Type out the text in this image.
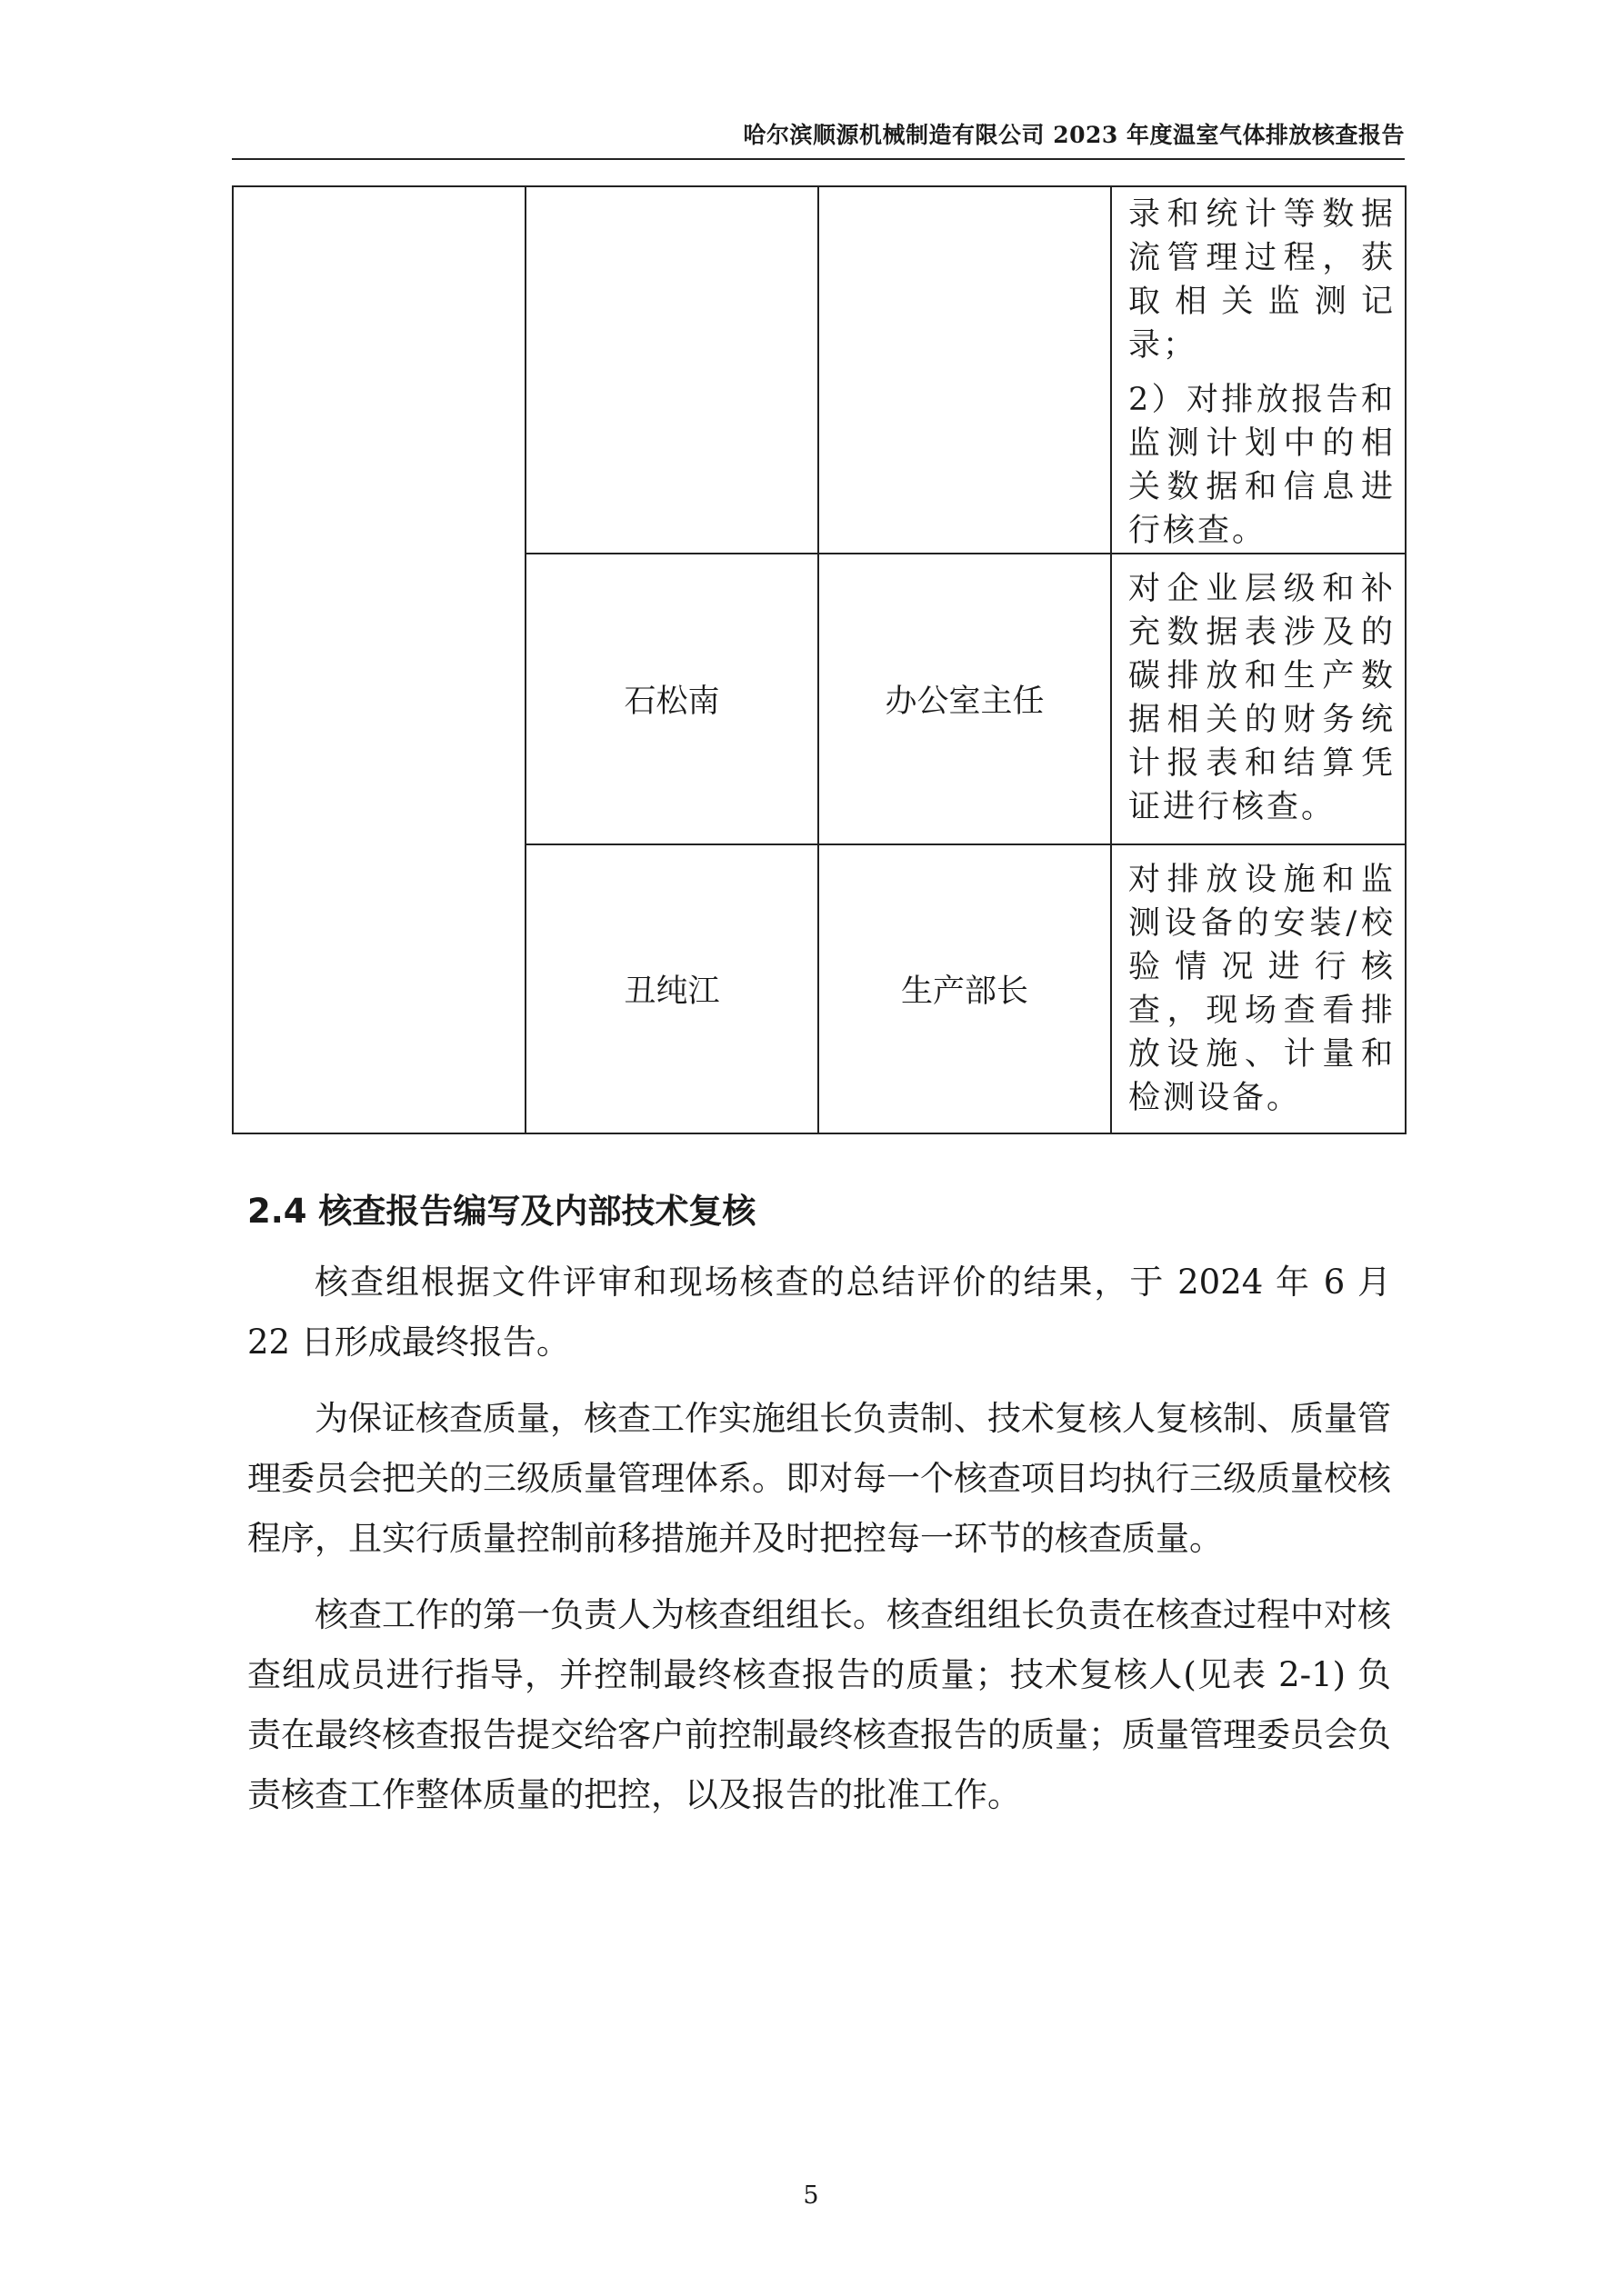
哈尔滨顺源机械制造有限公司 2023 年度温室气体排放核查报告

			录和统计等数据流管理过程，获取相关监测记录；

2）对排放报告和监测计划中的相关数据和信息进行核查。

	石松南	办公室主任	对企业层级和补充数据表涉及的碳排放和生产数据相关的财务统计报表和结算凭证进行核查。

	丑纯江	生产部长	对排放设施和监测设备的安装/校验情况进行核查，现场查看排放设施、计量和检测设备。

2.4 核查报告编写及内部技术复核

核查组根据文件评审和现场核查的总结评价的结果，于 2024 年 6 月 22 日形成最终报告。

为保证核查质量，核查工作实施组长负责制、技术复核人复核制、质量管理委员会把关的三级质量管理体系。即对每一个核查项目均执行三级质量校核程序，且实行质量控制前移措施并及时把控每一环节的核查质量。

核查工作的第一负责人为核查组组长。核查组组长负责在核查过程中对核查组成员进行指导，并控制最终核查报告的质量；技术复核人(见表 2-1) 负责在最终核查报告提交给客户前控制最终核查报告的质量；质量管理委员会负责核查工作整体质量的把控，以及报告的批准工作。

5
